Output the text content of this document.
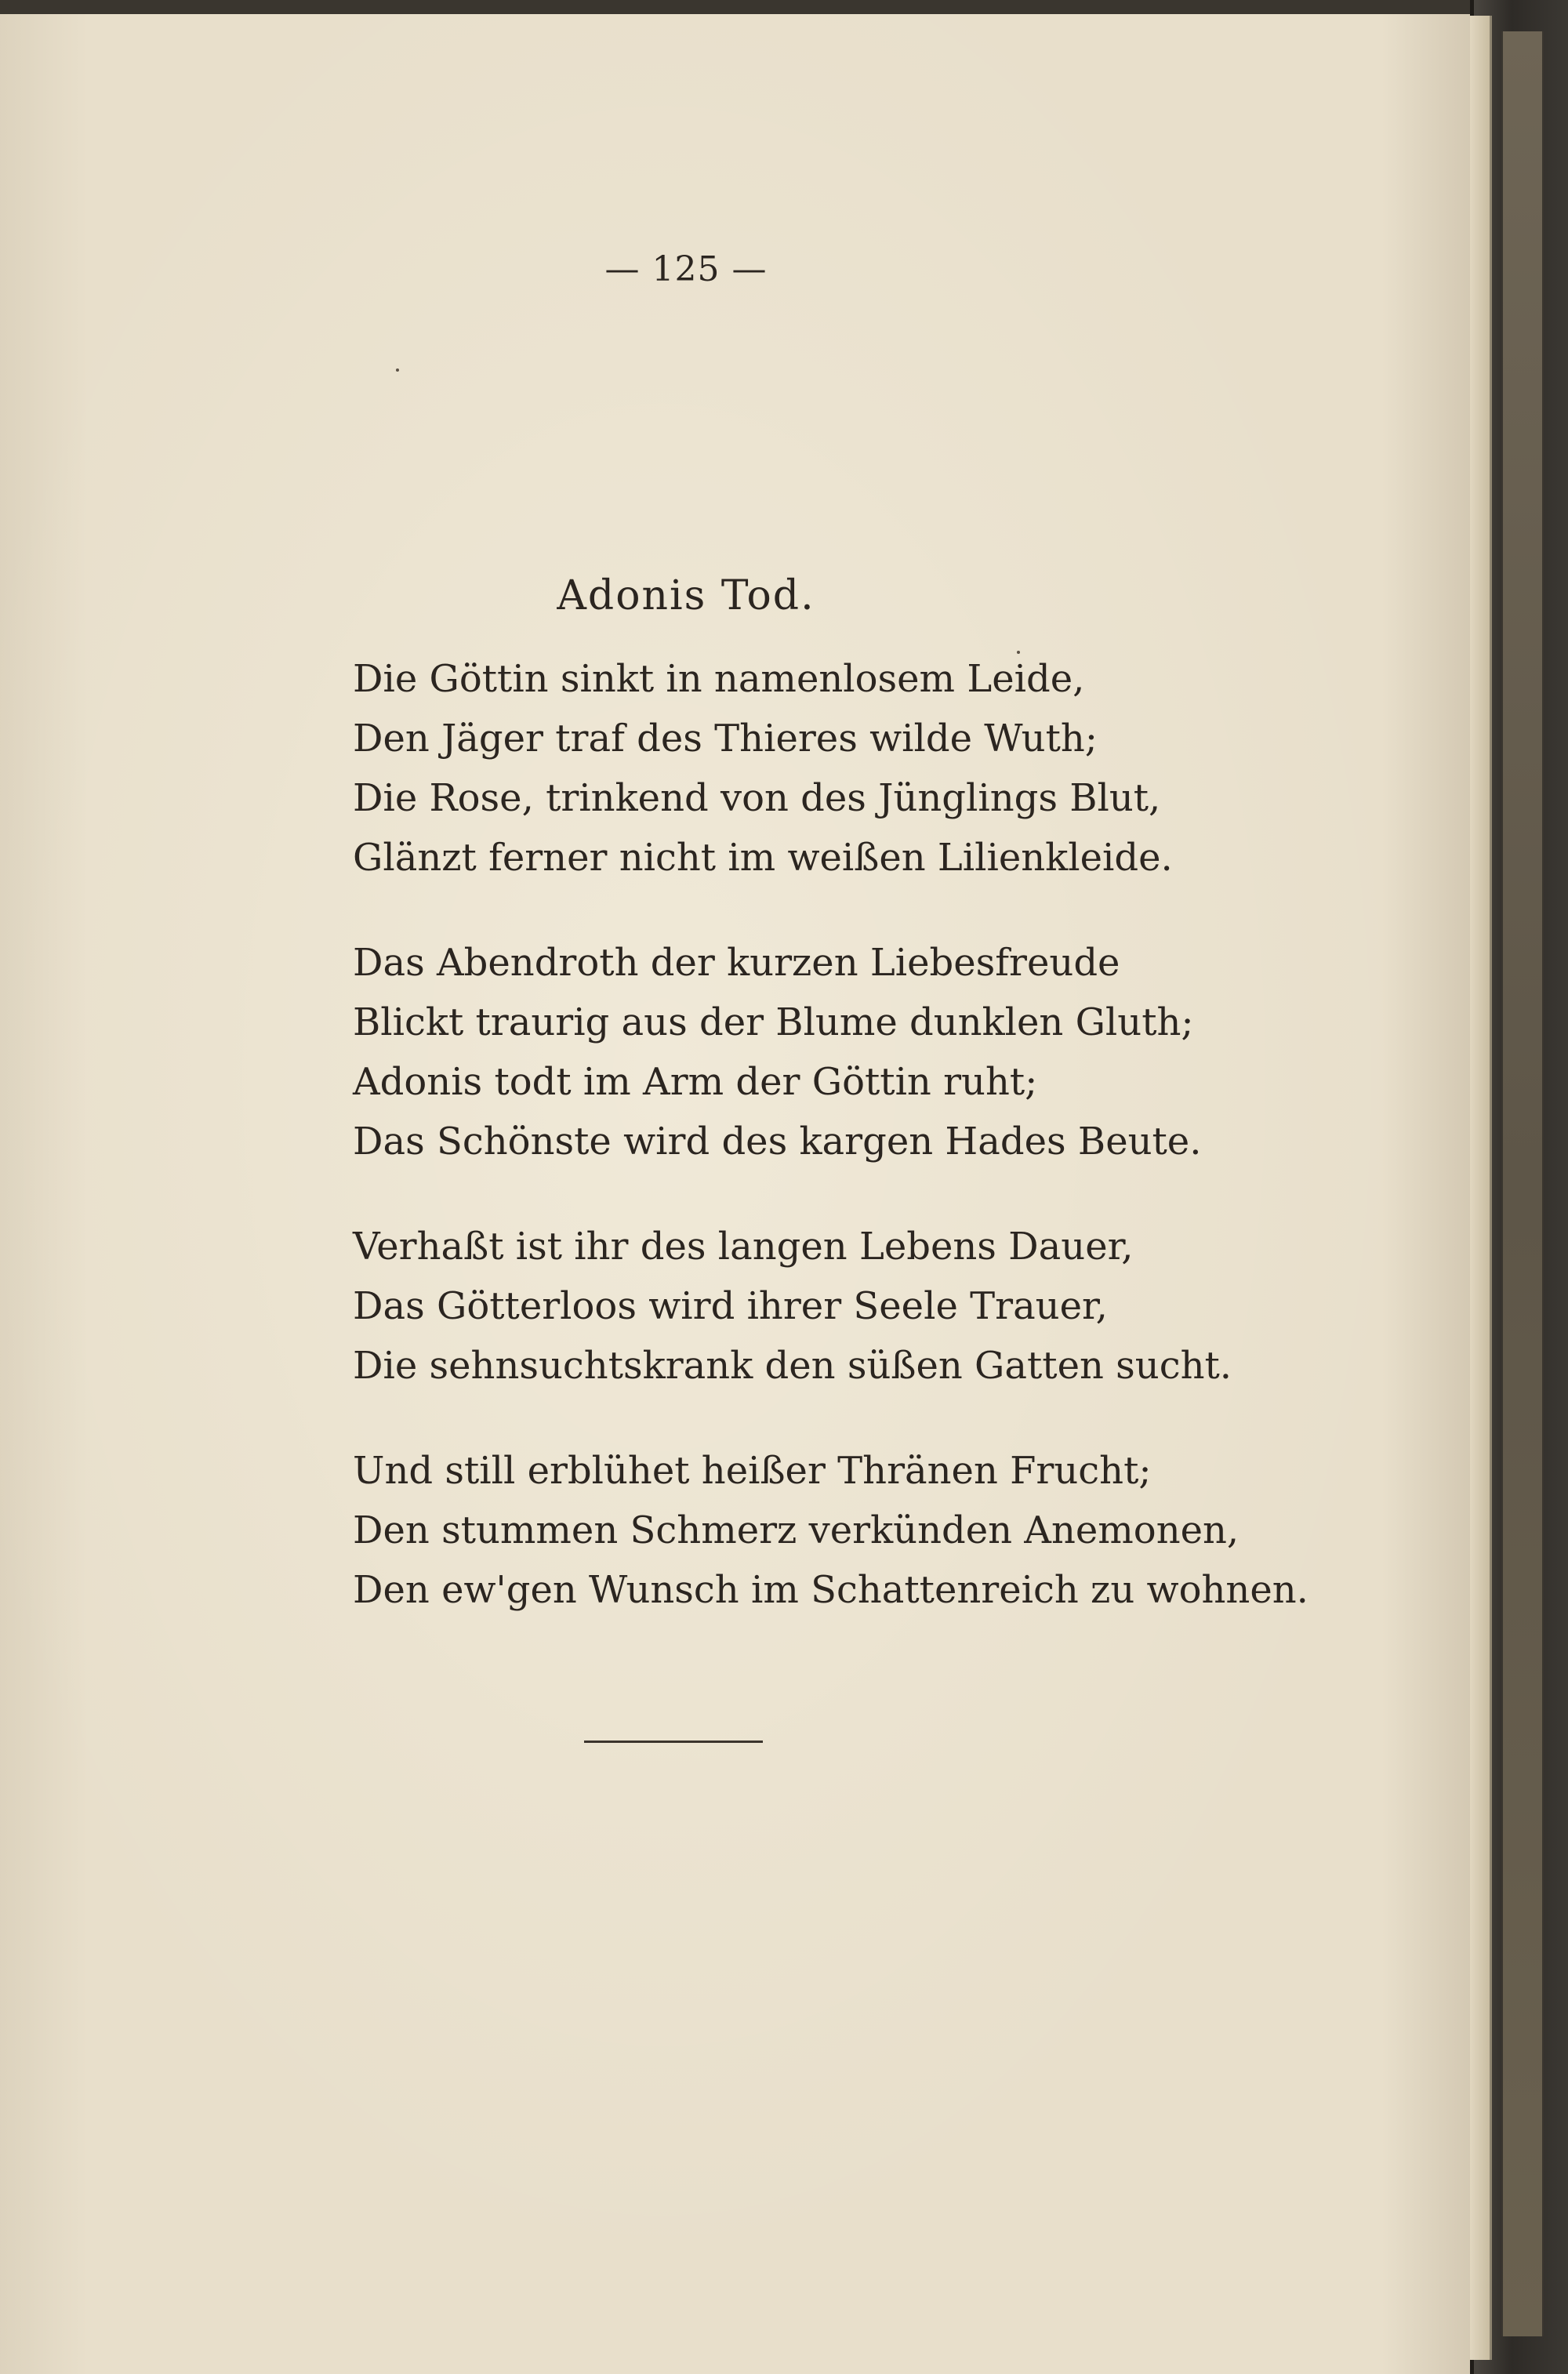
— 125 —
Adonis Tod.
Die Göttin sinkt in namenlosem Leide,
Den Jäger traf des Thieres wilde Wuth;
Die Rose, trinkend von des Jünglings Blut,
Glänzt ferner nicht im weißen Lilienkleide.
Das Abendroth der kurzen Liebesfreude
Blickt traurig aus der Blume dunklen Gluth;
Adonis todt im Arm der Göttin ruht;
Das Schönste wird des kargen Hades Beute.
Verhaßt ist ihr des langen Lebens Dauer,
Das Götterloos wird ihrer Seele Trauer,
Die sehnsuchtskrank den süßen Gatten sucht.
Und still erblühet heißer Thränen Frucht;
Den stummen Schmerz verkünden Anemonen,
Den ew'gen Wunsch im Schattenreich zu wohnen.
